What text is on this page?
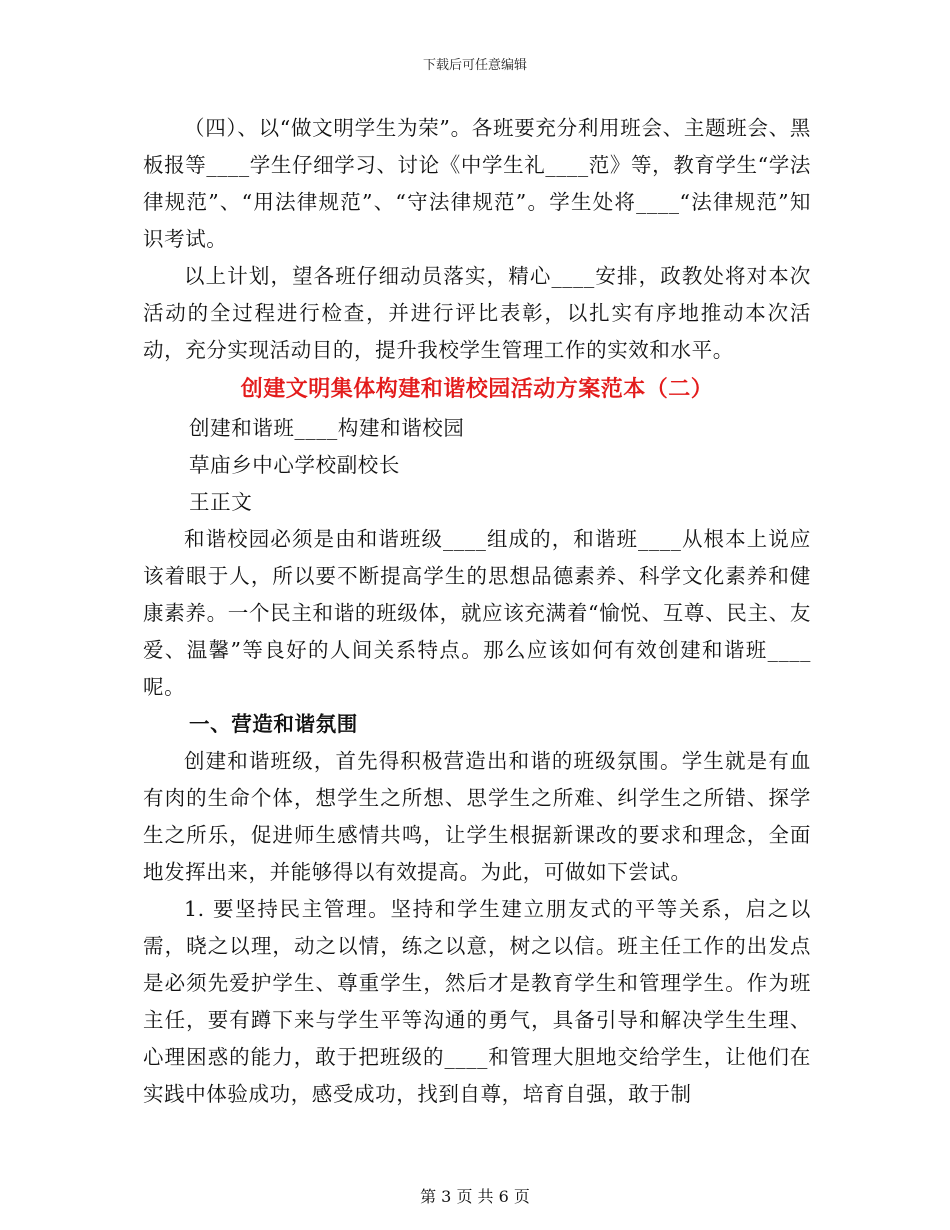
下载后可任意编辑

（四）、以“做文明学生为荣”。各班要充分利用班会、主题班会、黑板报等____学生仔细学习、讨论《中学生礼____范》等，教育学生“学法律规范”、“用法律规范”、“守法律规范”。学生处将____“法律规范”知识考试。

以上计划，望各班仔细动员落实，精心____安排，政教处将对本次活动的全过程进行检查，并进行评比表彰，以扎实有序地推动本次活动，充分实现活动目的，提升我校学生管理工作的实效和水平。

创建文明集体构建和谐校园活动方案范本（二）

创建和谐班____构建和谐校园

草庙乡中心学校副校长

王正文

和谐校园必须是由和谐班级____组成的，和谐班____从根本上说应该着眼于人，所以要不断提高学生的思想品德素养、科学文化素养和健康素养。一个民主和谐的班级体，就应该充满着“愉悦、互尊、民主、友爱、温馨”等良好的人间关系特点。那么应该如何有效创建和谐班____呢。

一、营造和谐氛围

创建和谐班级，首先得积极营造出和谐的班级氛围。学生就是有血有肉的生命个体，想学生之所想、思学生之所难、纠学生之所错、探学生之所乐，促进师生感情共鸣，让学生根据新课改的要求和理念，全面地发挥出来，并能够得以有效提高。为此，可做如下尝试。

1. 要坚持民主管理。坚持和学生建立朋友式的平等关系，启之以需，晓之以理，动之以情，练之以意，树之以信。班主任工作的出发点是必须先爱护学生、尊重学生，然后才是教育学生和管理学生。作为班主任，要有蹲下来与学生平等沟通的勇气，具备引导和解决学生生理、心理困惑的能力，敢于把班级的____和管理大胆地交给学生，让他们在实践中体验成功，感受成功，找到自尊，培育自强，敢于制

第 3 页 共 6 页
